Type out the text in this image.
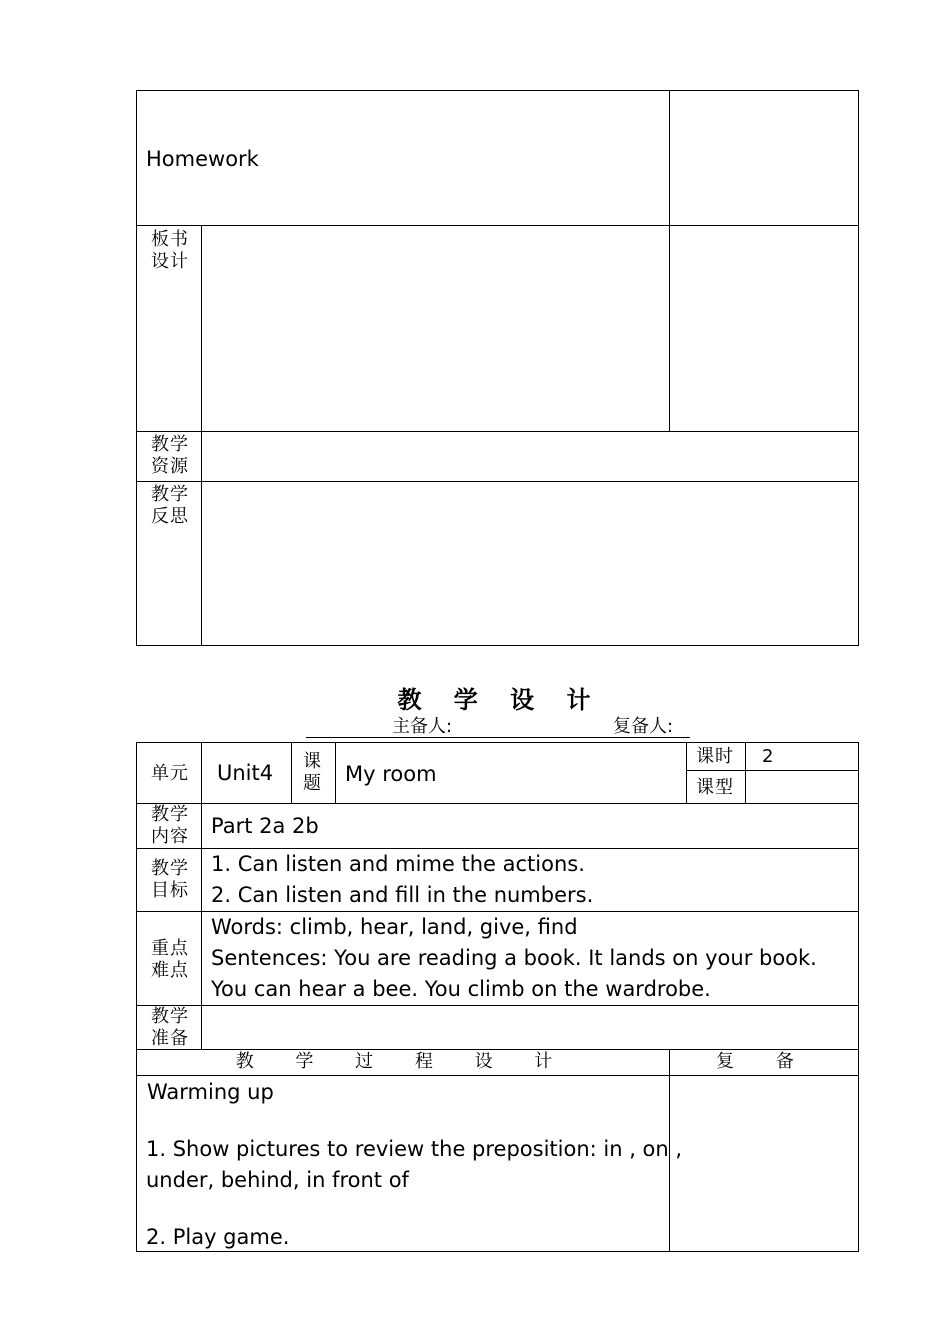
Homework
板书
设计
教学
资源
教学
反思
教 学 设 计
主备人:	复备人:
单元 Unit4 课
题 My room
课时 2
课型
教学
内容 Part 2a 2b
教学
目标
1. Can listen and mime the actions.
2. Can listen and fill in the numbers.
重点
难点
Words: climb, hear, land, give, find
Sentences: You are reading a book. It lands on your book.
You can hear a bee. You climb on the wardrobe.
教学
准备
教 学 过 程 设 计	复 备
Warming up
1. Show pictures to review the preposition: in , on ,
under, behind, in front of
2. Play game.
